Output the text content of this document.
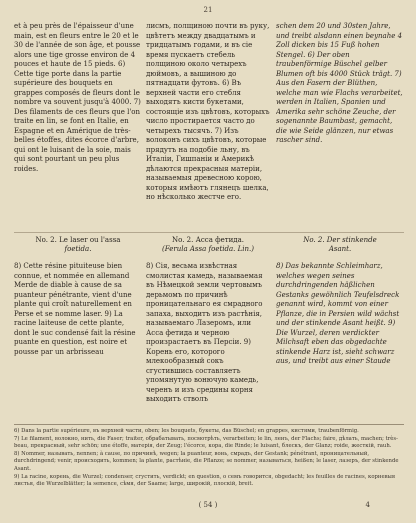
21

et à peu près de l'épaisseur d'une main, est en fleurs entre le 20 et le 30 de l'année de son âge, et pousse alors une tige grosse environ de 4 pouces et haute de 15 pieds. 6) Cette tige porte dans la partie supérieure des bouquets en grappes composés de fleurs dont le nombre va souvent jusqu'à 4000. 7) Des filaments de ces fleurs que l'on traite en lin, se font en Italie, en Espagne et en Amérique de très-belles étoffes, dites écorce d'arbre, qui ont le luisant de la soie, mais qui sont pourtant un peu plus roides.

лисмъ, полщиною почти въ руку, цвѣтетъ между двадцатымъ и тридцатымъ годами, и въ сіе время пускаетъ стебель полщиною около четырехъ дюймовъ, а вышиною до пятнадцати футовъ. 6) Въ верхней части его стебля выходятъ кисти букетами, состоящіе изъ цвѣтовъ, которыхъ число простирается часто до четырехъ тысячъ. 7) Изъ волоконъ сихъ цвѣтовъ, которые прядутъ на подобіе льну, въ Италіи, Гишпаніи и Америкѣ дѣлаются прекрасныя матеріи, называемыя древесною корою, которыя имѣютъ глянецъ шелка, но нѣсколько жестче его.

schen dem 20 und 30sten Jahre, und treibt alsdann einen beynahe 4 Zoll dicken bis 15 Fuß hohen Stengel. 6) Der oben traubenförmige Büschel gelber Blumen oft bis 4000 Stück trägt. 7) Aus den Fasern der Blüthen, welche man wie Flachs verarbeitet, werden in Italien, Spanien und Amerika sehr schöne Zeuche, der sogenannte Baumbast, gemacht, die wie Seide glänzen, nur etwas rascher sind.

No. 2. Le laser ou l'assa
foetida.
No. 2. Асса фетида.
(Ferula Assa foetida. Lin.)
No. 2. Der stinkende
Asant.

8) Cette résine pituiteuse bien connue, et nommée en allemand Merde de diable à cause de sa puanteur pénétrante, vient d'une plante qui croît naturellement en Perse et se nomme laser. 9) La racine laiteuse de cette plante, dont le suc condensé fait la résine puante en question, est noire et pousse par un arbrisseau

8) Сія, весьма извѣстная смолистая камедь, называемая въ Нѣмецкой земли чертовымъ дерьмомъ по причинѣ проницательнаго ея смрадного запаха, выходитъ изъ растѣнія, называемаго Лазеромъ, или Асса фетида и черною произрастаетъ въ Персіи. 9) Корень его, которого млекообразный сокъ сгустившись составляетъ упомянутую вонючую камедь, черенъ и изъ средины корня выходитъ стволъ

8) Das bekannte Schleimharz, welches wegen seines durchdringenden häßlichen Gestanks gewöhnlich Teufelsdreck genannt wird, kommt von einer Pflanze, die in Persien wild wächst und der stinkende Asant heißt. 9) Die Wurzel, deren verdickter Milchsaft eben das obgedachte stinkende Harz ist, sieht schwarz aus, und treibt aus einer Staude

6) Dans la partie supérieure, въ верхней части, oben; les bouquets, букеты, das Büschel; en grappes, кистями, traubenförmig.

7) Le filament, волокно, нить, die Faser; traiter, обрабатывать, посмотрѣть, verarbeiten; le lin, ленъ, der Flachs; faire, дѣлать, machen; très-beau, прекрасный, sehr schön; une étoffe, матерія, der Zeug; l'écorce, кора, die Rinde; le luisant, блескъ, der Glanz; roide, жесткій, rauh.

8) Nommer, называть, nennen; à cause, по причинѣ, wegen; la puanteur, вонь, смрадъ, der Gestank; pénétrant, проницательный, durchdringend; venir, происходить, kommen; la plante, растѣніе, die Pflanze; se nommer, называться, heißen; le laser, лазеръ, der stinkende Asant.

9) La racine, корень, die Wurzel; condenser, сгустить, verdickt; en question, о семъ говорится, obgedacht; les feuilles de racines, корневыя листья, die Wurzelblätter; la semence, сѣмя, der Saame; large, широкій, плоскій, breit.

( 54 )	4
